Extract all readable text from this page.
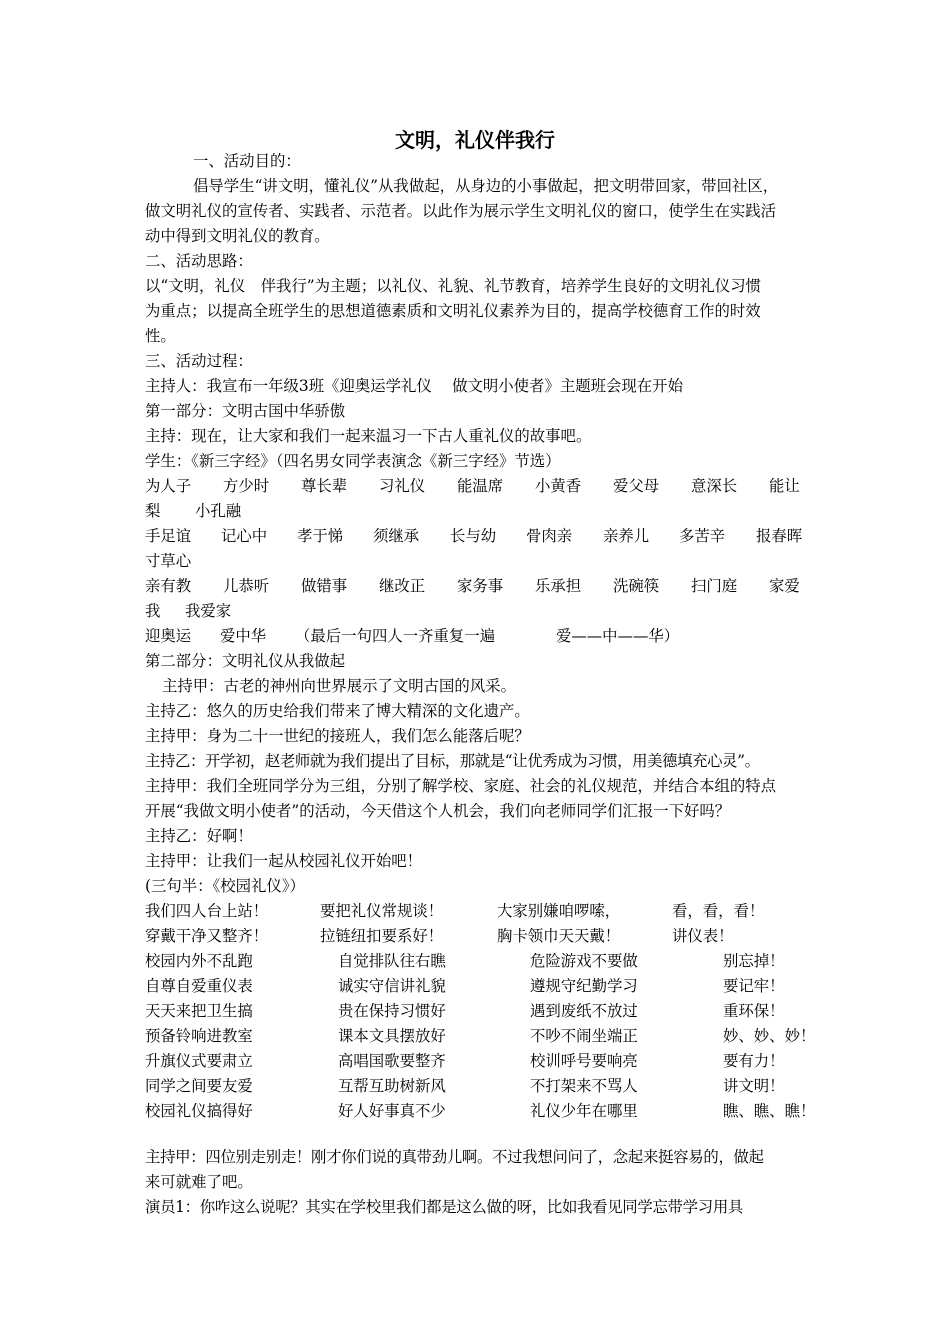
文明，礼仪伴我行
一、活动目的：
倡导学生“讲文明，懂礼仪”从我做起，从身边的小事做起，把文明带回家，带回社区，
做文明礼仪的宣传者、实践者、示范者。以此作为展示学生文明礼仪的窗口，使学生在实践活
动中得到文明礼仪的教育。
二、活动思路：
以“文明，礼仪　伴我行”为主题；以礼仪、礼貌、礼节教育，培养学生良好的文明礼仪习惯
为重点；以提高全班学生的思想道德素质和文明礼仪素养为目的，提高学校德育工作的时效
性。
三、活动过程：
主持人：我宣布一年级3班《迎奥运学礼仪　 做文明小使者》主题班会现在开始
第一部分：文明古国中华骄傲
主持：现在，让大家和我们一起来温习一下古人重礼仪的故事吧。
学生：《新三字经》（四名男女同学表演念《新三字经》节选）
为人子 方少时 尊长辈 习礼仪 能温席 小黄香 爱父母 意深长 能让
梨 小孔融
手足谊 记心中 孝于悌 须继承 长与幼 骨肉亲 亲养儿 多苦辛 报春晖
寸草心
亲有教 儿恭听 做错事 继改正 家务事 乐承担 洗碗筷 扫门庭 家爱
我 我爱家
迎奥运 爱中华 （最后一句四人一齐重复一遍	爱——中——华）
第二部分：文明礼仪从我做起
主持甲：古老的神州向世界展示了文明古国的风采。
主持乙：悠久的历史给我们带来了博大精深的文化遗产。
主持甲：身为二十一世纪的接班人，我们怎么能落后呢？
主持乙：开学初，赵老师就为我们提出了目标，那就是“让优秀成为习惯，用美德填充心灵”。
主持甲：我们全班同学分为三组，分别了解学校、家庭、社会的礼仪规范，并结合本组的特点
开展“我做文明小使者”的活动，今天借这个人机会，我们向老师同学们汇报一下好吗？
主持乙：好啊！
主持甲：让我们一起从校园礼仪开始吧！
(三句半：《校园礼仪》）
我们四人台上站！	要把礼仪常规谈！	大家别嫌咱啰嗦，	看，看，看！
穿戴干净又整齐！	拉链纽扣要系好！	胸卡领巾天天戴！	讲仪表！
校园内外不乱跑	自觉排队往右瞧	危险游戏不要做	别忘掉！
自尊自爱重仪表	诚实守信讲礼貌	遵规守纪勤学习	要记牢！
天天来把卫生搞	贵在保持习惯好	遇到废纸不放过	重环保！
预备铃响进教室	课本文具摆放好	不吵不闹坐端正	妙、妙、妙！
升旗仪式要肃立	高唱国歌要整齐	校训呼号要响亮	要有力！
同学之间要友爱	互帮互助树新风	不打架来不骂人	讲文明！
校园礼仪搞得好	好人好事真不少	礼仪少年在哪里	瞧、瞧、瞧！
主持甲：四位别走别走！刚才你们说的真带劲儿啊。不过我想问问了，念起来挺容易的，做起
来可就难了吧。
演员1：你咋这么说呢？其实在学校里我们都是这么做的呀，比如我看见同学忘带学习用具
